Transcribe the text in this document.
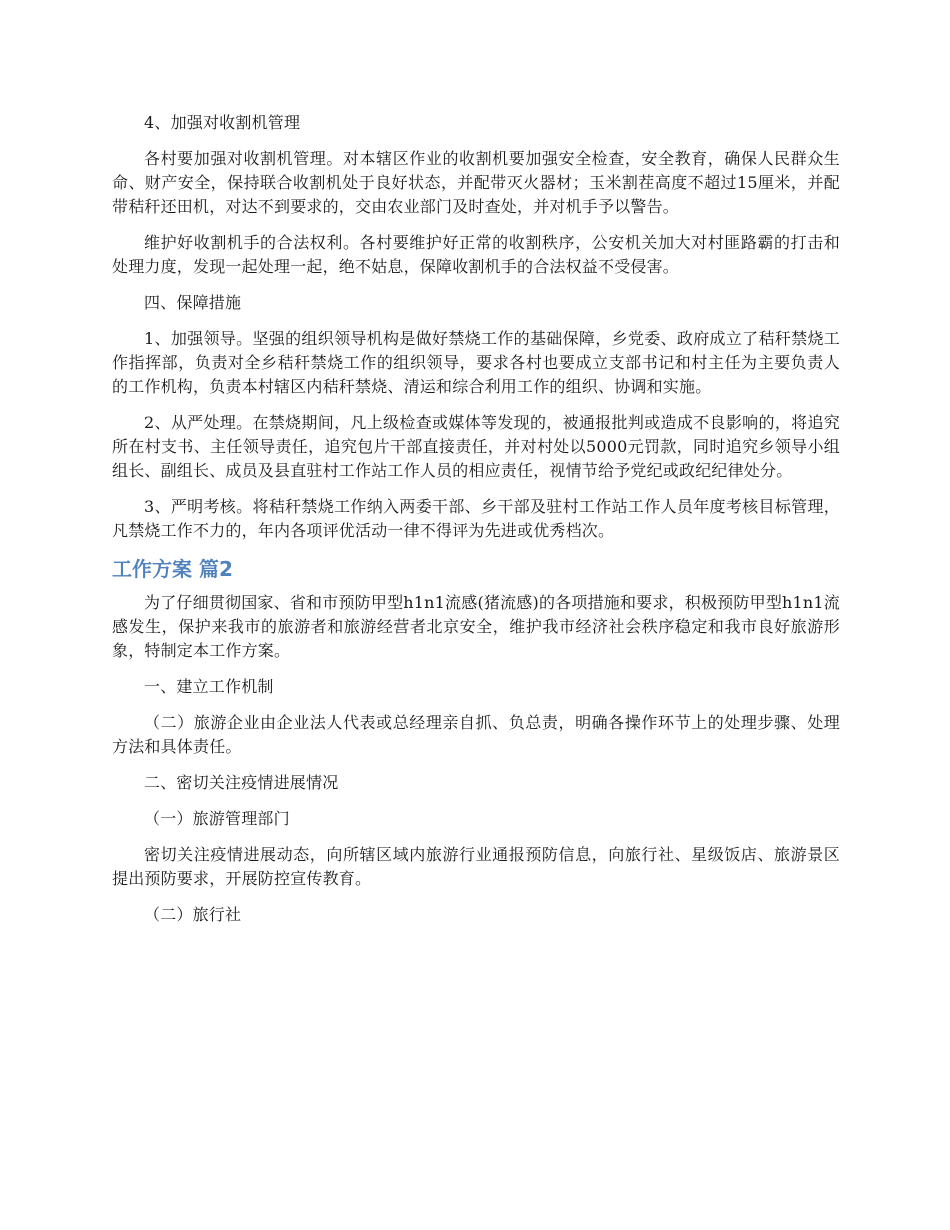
4、加强对收割机管理

各村要加强对收割机管理。对本辖区作业的收割机要加强安全检查，安全教育，确保人民群众生命、财产安全，保持联合收割机处于良好状态，并配带灭火器材；玉米割茬高度不超过15厘米，并配带秸秆还田机，对达不到要求的，交由农业部门及时查处，并对机手予以警告。

维护好收割机手的合法权利。各村要维护好正常的收割秩序，公安机关加大对村匪路霸的打击和处理力度，发现一起处理一起，绝不姑息，保障收割机手的合法权益不受侵害。

四、保障措施

1、加强领导。坚强的组织领导机构是做好禁烧工作的基础保障，乡党委、政府成立了秸秆禁烧工作指挥部，负责对全乡秸秆禁烧工作的组织领导，要求各村也要成立支部书记和村主任为主要负责人的工作机构，负责本村辖区内秸秆禁烧、清运和综合利用工作的组织、协调和实施。

2、从严处理。在禁烧期间，凡上级检查或媒体等发现的，被通报批判或造成不良影响的，将追究所在村支书、主任领导责任，追究包片干部直接责任，并对村处以5000元罚款，同时追究乡领导小组组长、副组长、成员及县直驻村工作站工作人员的相应责任，视情节给予党纪或政纪纪律处分。

3、严明考核。将秸秆禁烧工作纳入两委干部、乡干部及驻村工作站工作人员年度考核目标管理，凡禁烧工作不力的，年内各项评优活动一律不得评为先进或优秀档次。

工作方案 篇2

为了仔细贯彻国家、省和市预防甲型h1n1流感(猪流感)的各项措施和要求，积极预防甲型h1n1流感发生，保护来我市的旅游者和旅游经营者北京安全，维护我市经济社会秩序稳定和我市良好旅游形象，特制定本工作方案。

一、建立工作机制

（二）旅游企业由企业法人代表或总经理亲自抓、负总责，明确各操作环节上的处理步骤、处理方法和具体责任。

二、密切关注疫情进展情况

（一）旅游管理部门

密切关注疫情进展动态，向所辖区域内旅游行业通报预防信息，向旅行社、星级饭店、旅游景区提出预防要求，开展防控宣传教育。

（二）旅行社
